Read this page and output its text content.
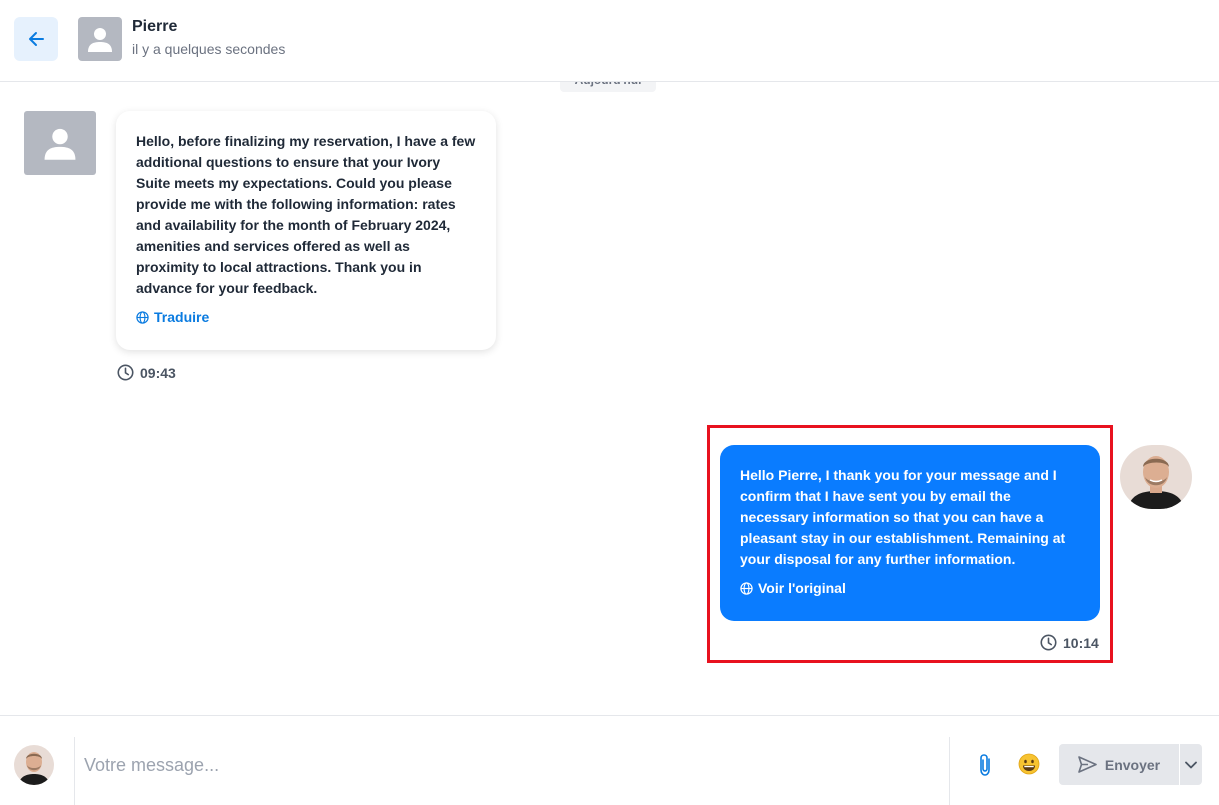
Pierre
il y a quelques secondes
Hello, before finalizing my reservation, I have a few additional questions to ensure that your Ivory Suite meets my expectations. Could you please provide me with the following information: rates and availability for the month of February 2024, amenities and services offered as well as proximity to local attractions. Thank you in advance for your feedback.
Traduire
09:43
Hello Pierre, I thank you for your message and I confirm that I have sent you by email the necessary information so that you can have a pleasant stay in our establishment. Remaining at your disposal for any further information.
Voir l'original
10:14
Votre message...
Envoyer
